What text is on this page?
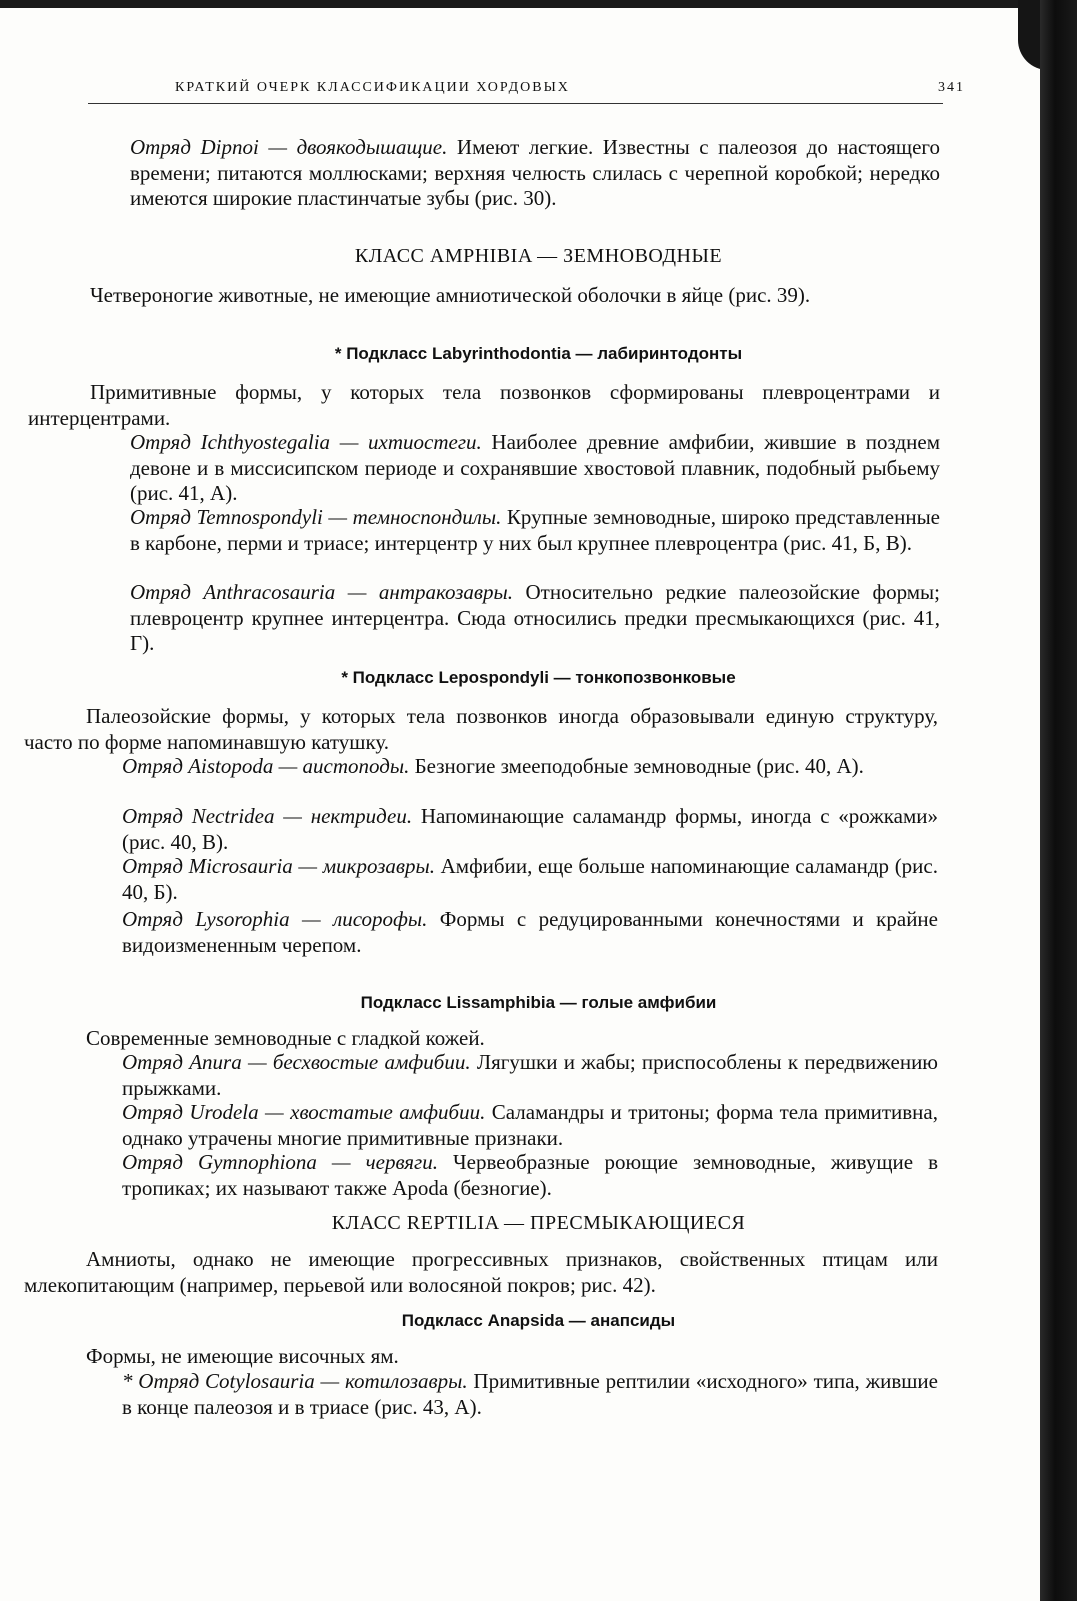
КРАТКИЙ ОЧЕРК КЛАССИФИКАЦИИ ХОРДОВЫХ	341
Отряд Dipnoi — двоякодышащие. Имеют легкие. Известны с палеозоя до настоящего времени; питаются моллюсками; верхняя челюсть слилась с черепной коробкой; нередко имеются широкие пластинчатые зубы (рис. 30).
КЛАСС AMPHIBIA — ЗЕМНОВОДНЫЕ
Четвероногие животные, не имеющие амниотической оболочки в яйце (рис. 39).
* Подкласс Labyrinthodontia — лабиринтодонты
Примитивные формы, у которых тела позвонков сформированы плевроцентрами и интерцентрами.
Отряд Ichthyostegalia — ихтиостеги. Наиболее древние амфибии, жившие в позднем девоне и в миссисипском периоде и сохранявшие хвостовой плавник, подобный рыбьему (рис. 41, А).
Отряд Temnospondyli — темноспондилы. Крупные земноводные, широко представленные в карбоне, перми и триасе; интерцентр у них был крупнее плевроцентра (рис. 41, Б, В).
Отряд Anthracosauria — антракозавры. Относительно редкие палеозойские формы; плевроцентр крупнее интерцентра. Сюда относились предки пресмыкающихся (рис. 41, Г).
* Подкласс Lepospondyli — тонкопозвонковые
Палеозойские формы, у которых тела позвонков иногда образовывали единую структуру, часто по форме напоминавшую катушку.
Отряд Aistopoda — аистоподы. Безногие змееподобные земноводные (рис. 40, А).
Отряд Nectridea — нектридеи. Напоминающие саламандр формы, иногда с «рожками» (рис. 40, В).
Отряд Microsauria — микрозавры. Амфибии, еще больше напоминающие саламандр (рис. 40, Б).
Отряд Lysorophia — лисорофы. Формы с редуцированными конечностями и крайне видоизмененным черепом.
Подкласс Lissamphibia — голые амфибии
Современные земноводные с гладкой кожей.
Отряд Anura — бесхвостые амфибии. Лягушки и жабы; приспособлены к передвижению прыжками.
Отряд Urodela — хвостатые амфибии. Саламандры и тритоны; форма тела примитивна, однако утрачены многие примитивные признаки.
Отряд Gymnophiona — червяги. Червеобразные роющие земноводные, живущие в тропиках; их называют также Apoda (безногие).
КЛАСС REPTILIA — ПРЕСМЫКАЮЩИЕСЯ
Амниоты, однако не имеющие прогрессивных признаков, свойственных птицам или млекопитающим (например, перьевой или волосяной покров; рис. 42).
Подкласс Anapsida — анапсиды
Формы, не имеющие височных ям.
* Отряд Cotylosauria — котилозавры. Примитивные рептилии «исходного» типа, жившие в конце палеозоя и в триасе (рис. 43, А).
